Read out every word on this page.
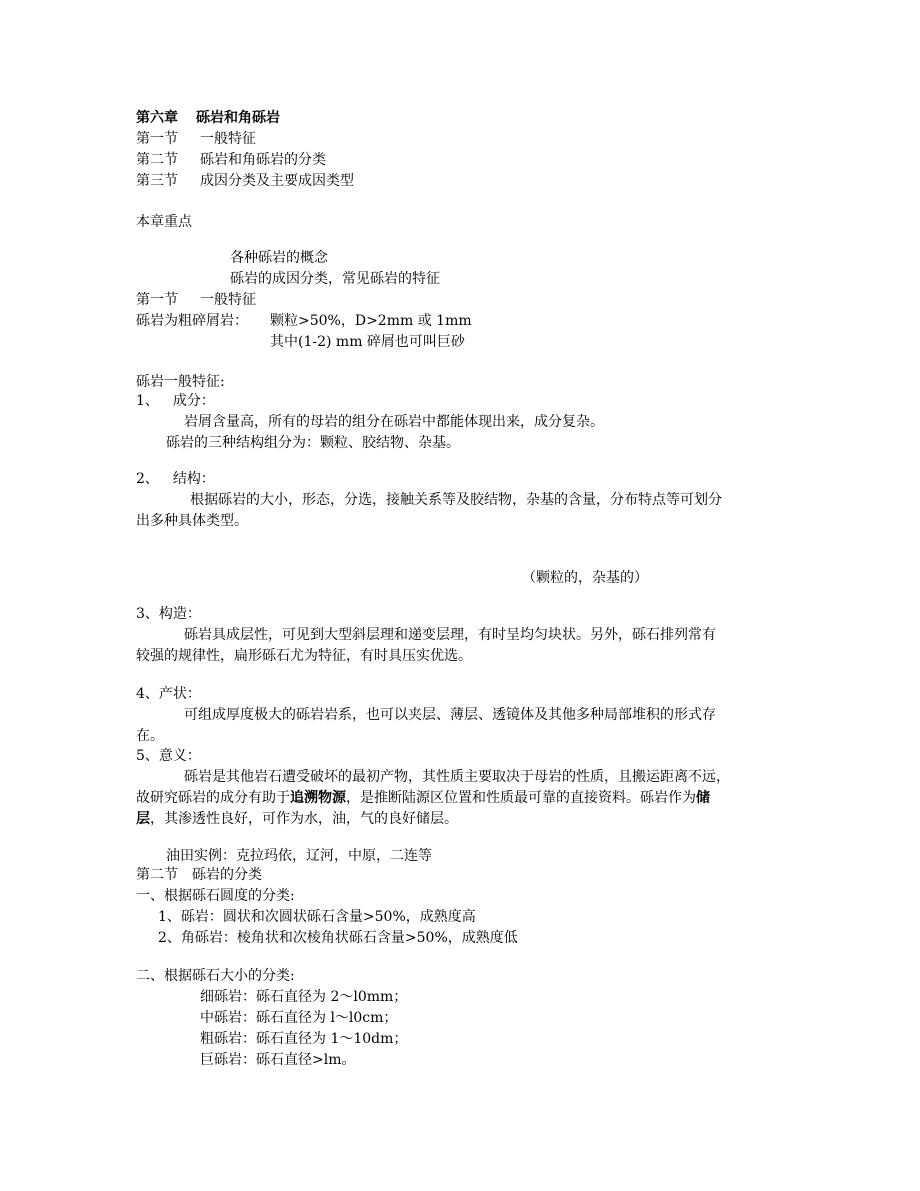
第六章 砾岩和角砾岩
第一节 一般特征
第二节 砾岩和角砾岩的分类
第三节 成因分类及主要成因类型
本章重点
各种砾岩的概念
砾岩的成因分类，常见砾岩的特征
第一节 一般特征
砾岩为粗碎屑岩： 颗粒>50%，D>2mm 或 1mm
其中(1-2) mm 碎屑也可叫巨砂
砾岩一般特征:
1、 成分：
岩屑含量高，所有的母岩的组分在砾岩中都能体现出来，成分复杂。
砾岩的三种结构组分为：颗粒、胶结物、杂基。
2、 结构：
根据砾岩的大小，形态，分选，接触关系等及胶结物，杂基的含量，分布特点等可划分
出多种具体类型。
（颗粒的，杂基的）
3、构造：
砾岩具成层性，可见到大型斜层理和递变层理，有时呈均匀块状。另外，砾石排列常有
较强的规律性，扁形砾石尤为特征，有时具压实优选。
4、产状：
可组成厚度极大的砾岩岩系，也可以夹层、薄层、透镜体及其他多种局部堆积的形式存
在。
5、意义：
砾岩是其他岩石遭受破坏的最初产物，其性质主要取决于母岩的性质，且搬运距离不远，
故研究砾岩的成分有助于追溯物源，是推断陆源区位置和性质最可靠的直接资料。砾岩作为储
层，其渗透性良好，可作为水，油，气的良好储层。
油田实例：克拉玛依，辽河，中原，二连等
第二节 砾岩的分类
一、根据砾石圆度的分类:
1、砾岩：圆状和次圆状砾石含量>50%，成熟度高
2、角砾岩：棱角状和次棱角状砾石含量>50%，成熟度低
二、根据砾石大小的分类:
细砾岩：砾石直径为 2～l0mm；
中砾岩：砾石直径为 l～l0cm；
粗砾岩：砾石直径为 1～10dm；
巨砾岩：砾石直径>lm。
